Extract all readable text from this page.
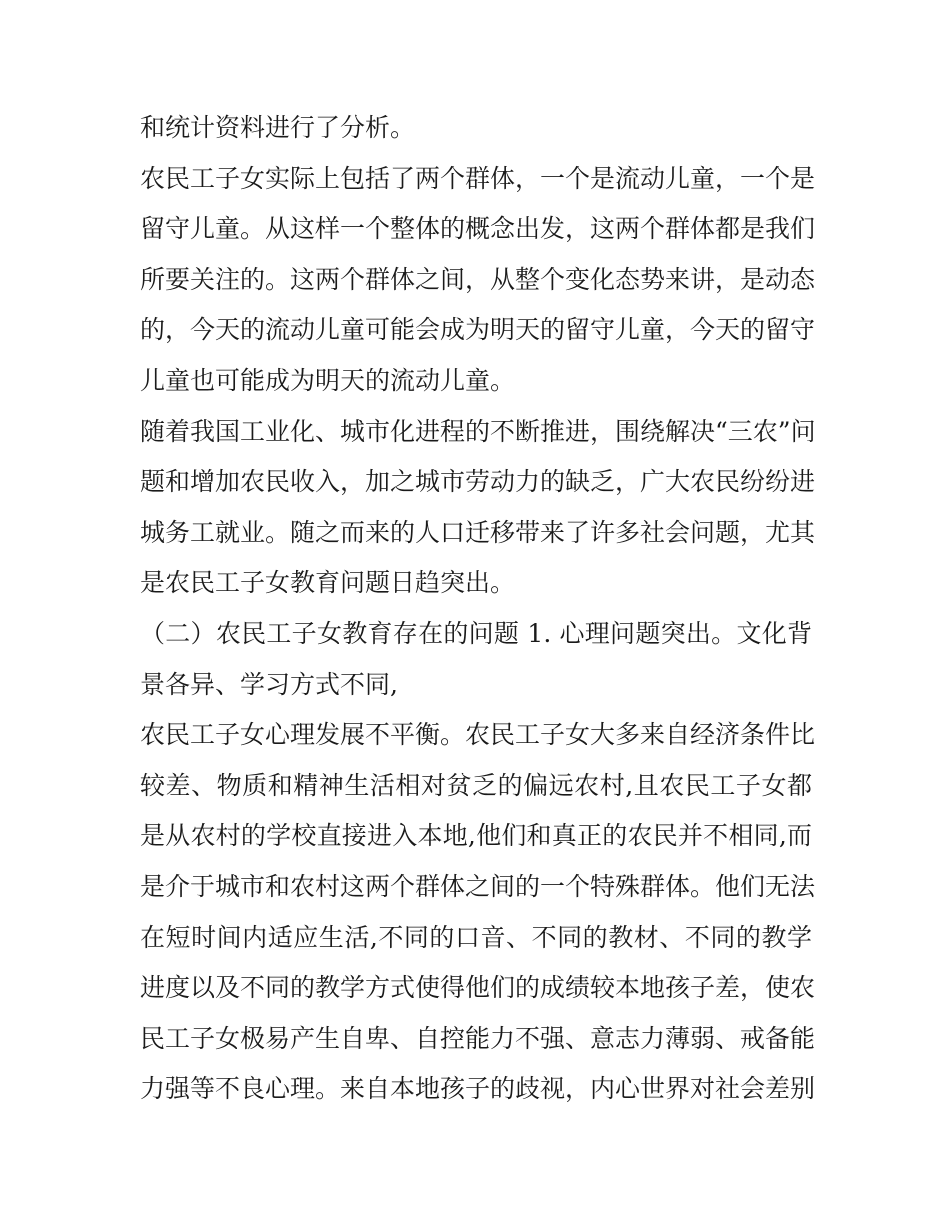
和统计资料进行了分析。
农民工子女实际上包括了两个群体，一个是流动儿童，一个是
留守儿童。从这样一个整体的概念出发，这两个群体都是我们
所要关注的。这两个群体之间，从整个变化态势来讲，是动态
的，今天的流动儿童可能会成为明天的留守儿童，今天的留守
儿童也可能成为明天的流动儿童。
随着我国工业化、城市化进程的不断推进，围绕解决“三农”问
题和增加农民收入，加之城市劳动力的缺乏，广大农民纷纷进
城务工就业。随之而来的人口迁移带来了许多社会问题，尤其
是农民工子女教育问题日趋突出。
（二）农民工子女教育存在的问题 1. 心理问题突出。文化背
景各异、学习方式不同,
农民工子女心理发展不平衡。农民工子女大多来自经济条件比
较差、物质和精神生活相对贫乏的偏远农村,且农民工子女都
是从农村的学校直接进入本地,他们和真正的农民并不相同,而
是介于城市和农村这两个群体之间的一个特殊群体。他们无法
在短时间内适应生活,不同的口音、不同的教材、不同的教学
进度以及不同的教学方式使得他们的成绩较本地孩子差，使农
民工子女极易产生自卑、自控能力不强、意志力薄弱、戒备能
力强等不良心理。来自本地孩子的歧视，内心世界对社会差别
